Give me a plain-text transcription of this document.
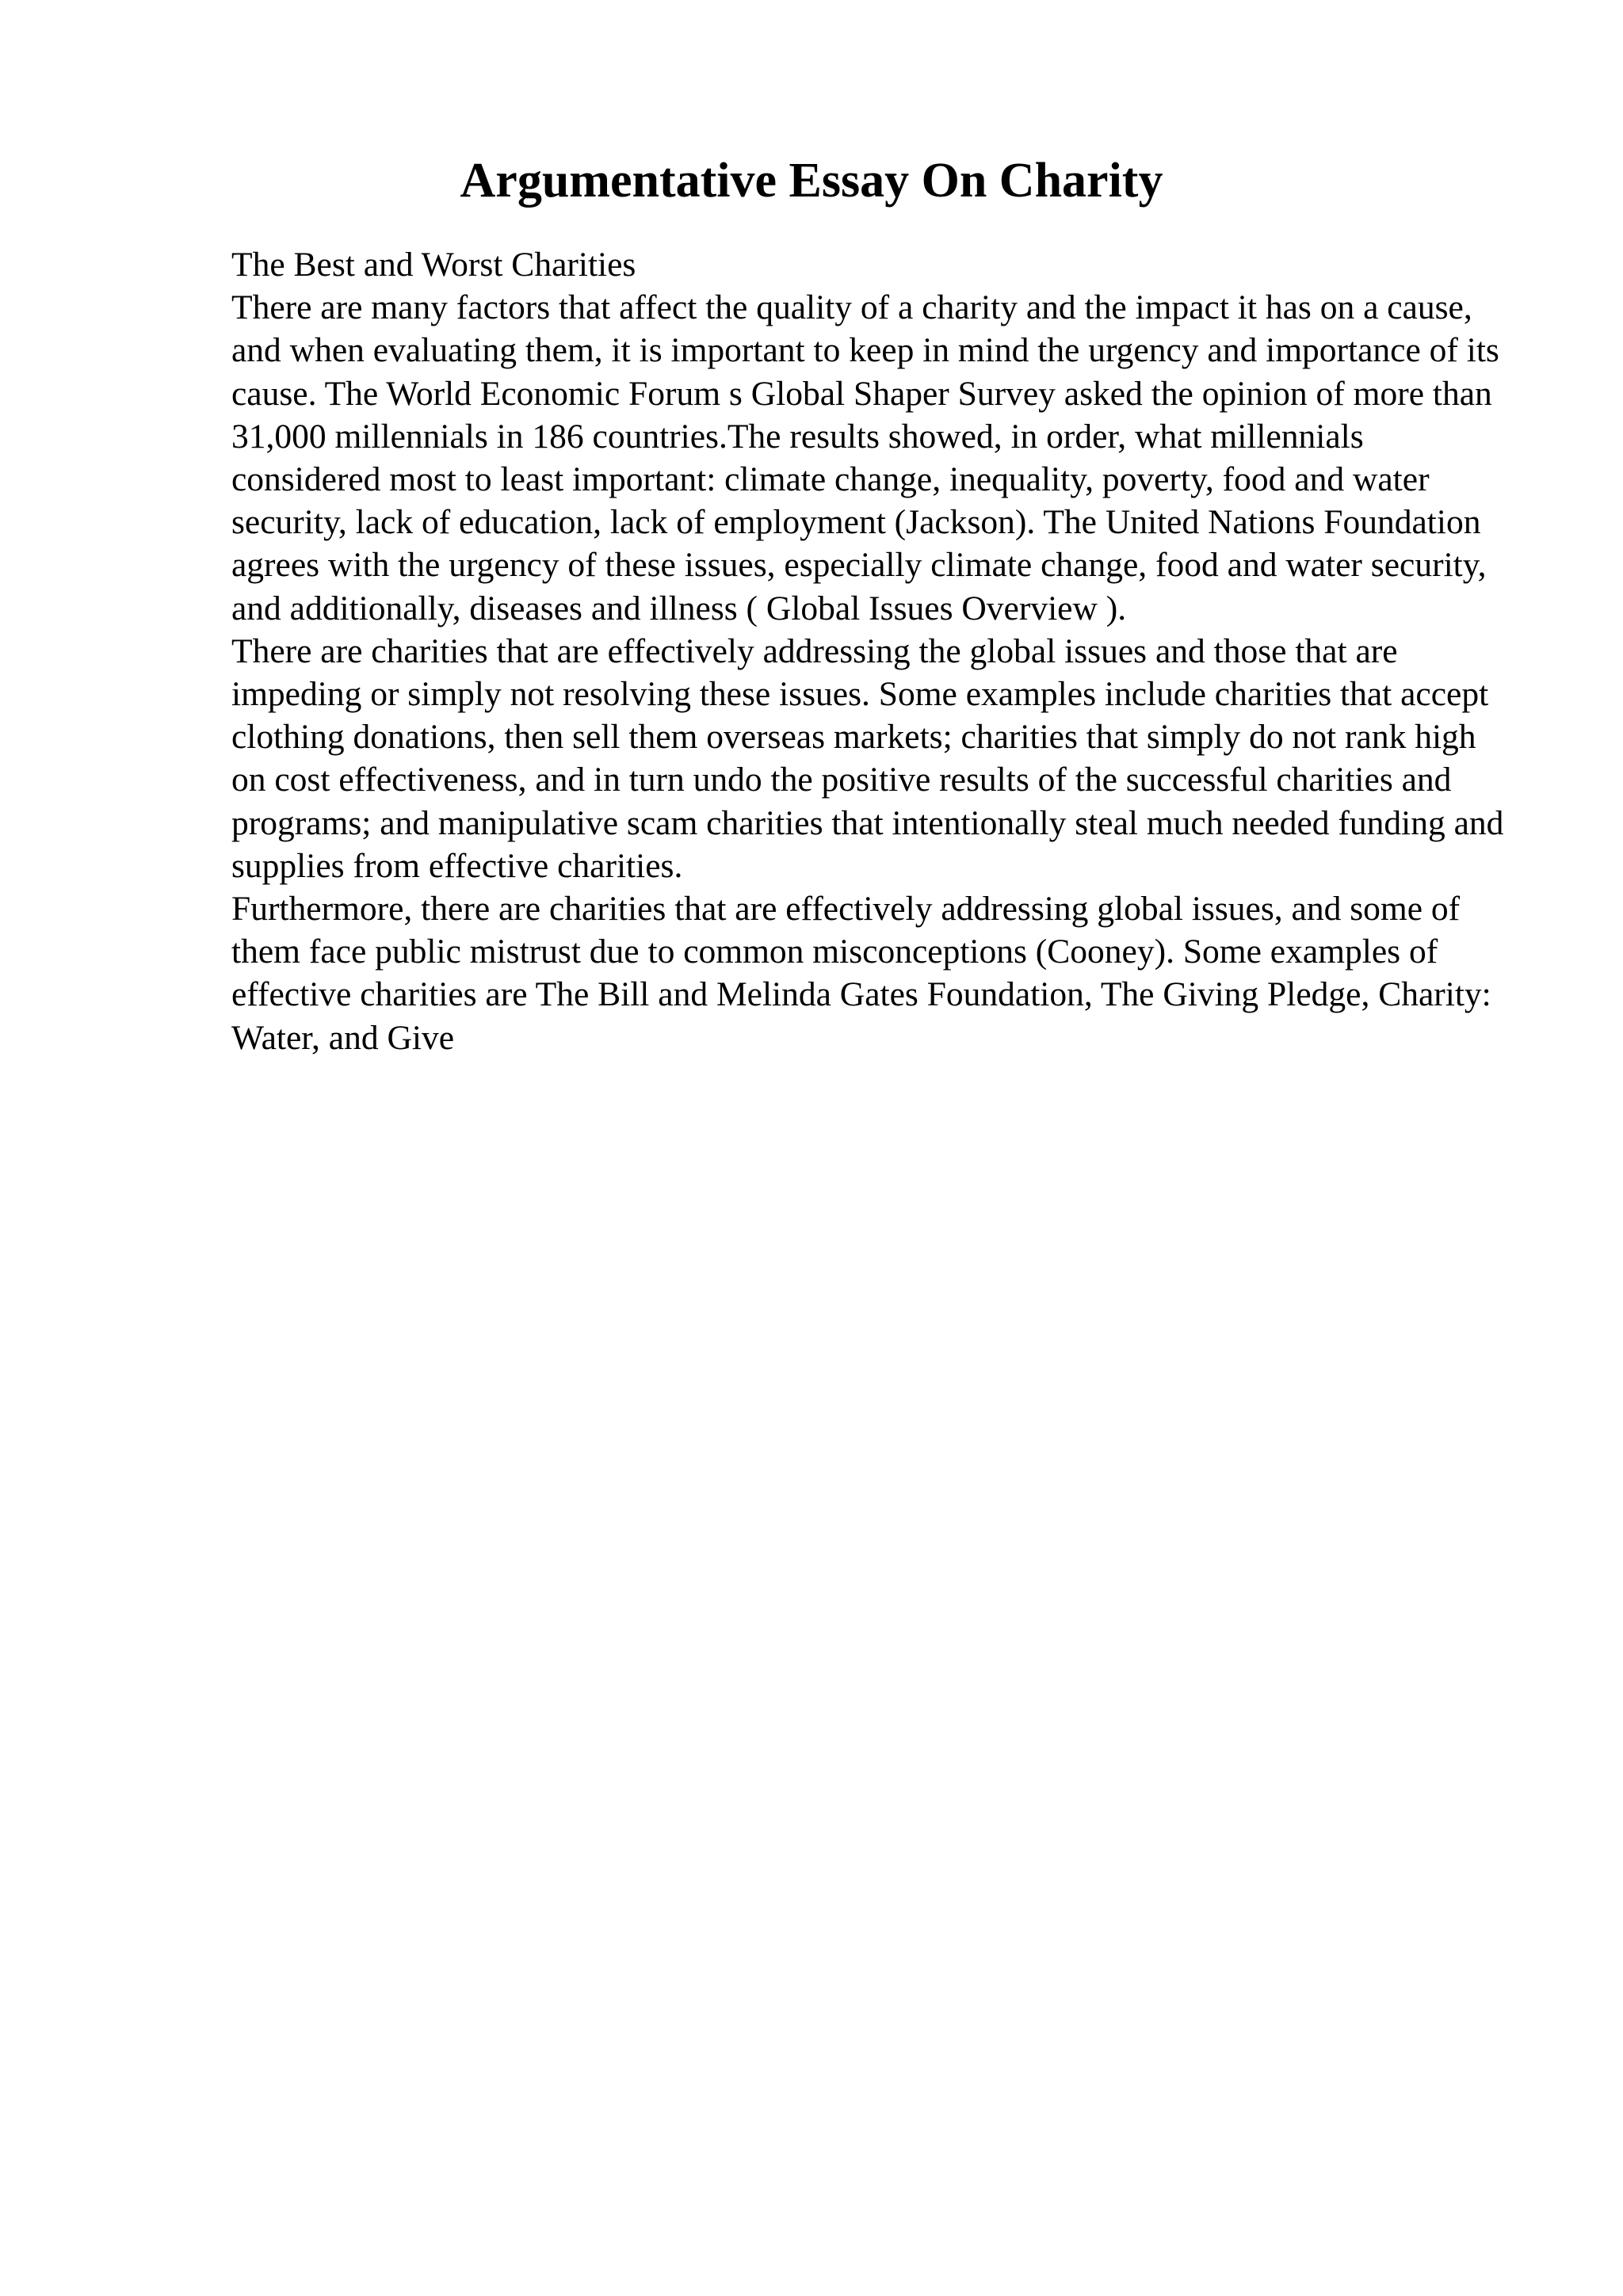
Argumentative Essay On Charity

The Best and Worst Charities

There are many factors that affect the quality of a charity and the impact it has on a cause, and when evaluating them, it is important to keep in mind the urgency and importance of its cause. The World Economic Forum s Global Shaper Survey asked the opinion of more than 31,000 millennials in 186 countries.The results showed, in order, what millennials considered most to least important: climate change, inequality, poverty, food and water security, lack of education, lack of employment (Jackson). The United Nations Foundation agrees with the urgency of these issues, especially climate change, food and water security, and additionally, diseases and illness ( Global Issues Overview ).

There are charities that are effectively addressing the global issues and those that are impeding or simply not resolving these issues. Some examples include charities that accept clothing donations, then sell them overseas markets; charities that simply do not rank high on cost effectiveness, and in turn undo the positive results of the successful charities and programs; and manipulative scam charities that intentionally steal much needed funding and supplies from effective charities.

Furthermore, there are charities that are effectively addressing global issues, and some of them face public mistrust due to common misconceptions (Cooney). Some examples of effective charities are The Bill and Melinda Gates Foundation, The Giving Pledge, Charity: Water, and Give
